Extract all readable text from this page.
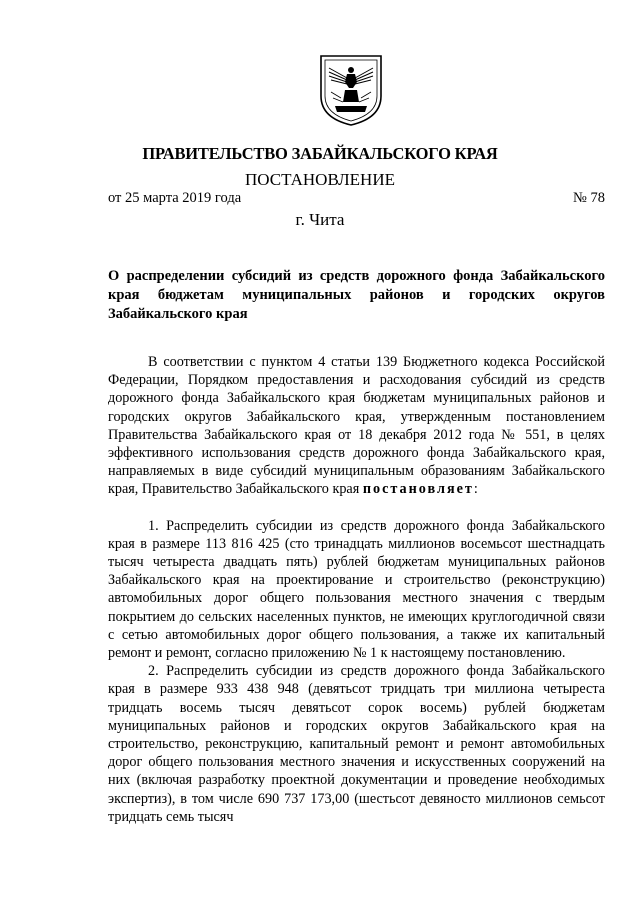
ПРАВИТЕЛЬСТВО ЗАБАЙКАЛЬСКОГО КРАЯ
ПОСТАНОВЛЕНИЕ
от 25 марта 2019 года	№ 78
г. Чита
О распределении субсидий из средств дорожного фонда Забайкальского края бюджетам муниципальных районов и городских округов Забайкальского края

В соответствии с пунктом 4 статьи 139 Бюджетного кодекса Российской Федерации, Порядком предоставления и расходования субсидий из средств дорожного фонда Забайкальского края бюджетам муниципальных районов и городских округов Забайкальского края, утвержденным постановлением Правительства Забайкальского края от 18 декабря 2012 года № 551, в целях эффективного использования средств дорожного фонда Забайкальского края, направляемых в виде субсидий муниципальным образованиям Забайкальского края, Правительство Забайкальского края постановляет:

1. Распределить субсидии из средств дорожного фонда Забайкальского края в размере 113 816 425 (сто тринадцать миллионов восемьсот шестнадцать тысяч четыреста двадцать пять) рублей бюджетам муниципальных районов Забайкальского края на проектирование и строительство (реконструкцию) автомобильных дорог общего пользования местного значения с твердым покрытием до сельских населенных пунктов, не имеющих круглогодичной связи с сетью автомобильных дорог общего пользования, а также их капитальный ремонт и ремонт, согласно приложению № 1 к настоящему постановлению.

2. Распределить субсидии из средств дорожного фонда Забайкальского края в размере 933 438 948 (девятьсот тридцать три миллиона четыреста тридцать восемь тысяч девятьсот сорок восемь) рублей бюджетам муниципальных районов и городских округов Забайкальского края на строительство, реконструкцию, капитальный ремонт и ремонт автомобильных дорог общего пользования местного значения и искусственных сооружений на них (включая разработку проектной документации и проведение необходимых экспертиз), в том числе 690 737 173,00 (шестьсот девяносто миллионов семьсот тридцать семь тысяч
